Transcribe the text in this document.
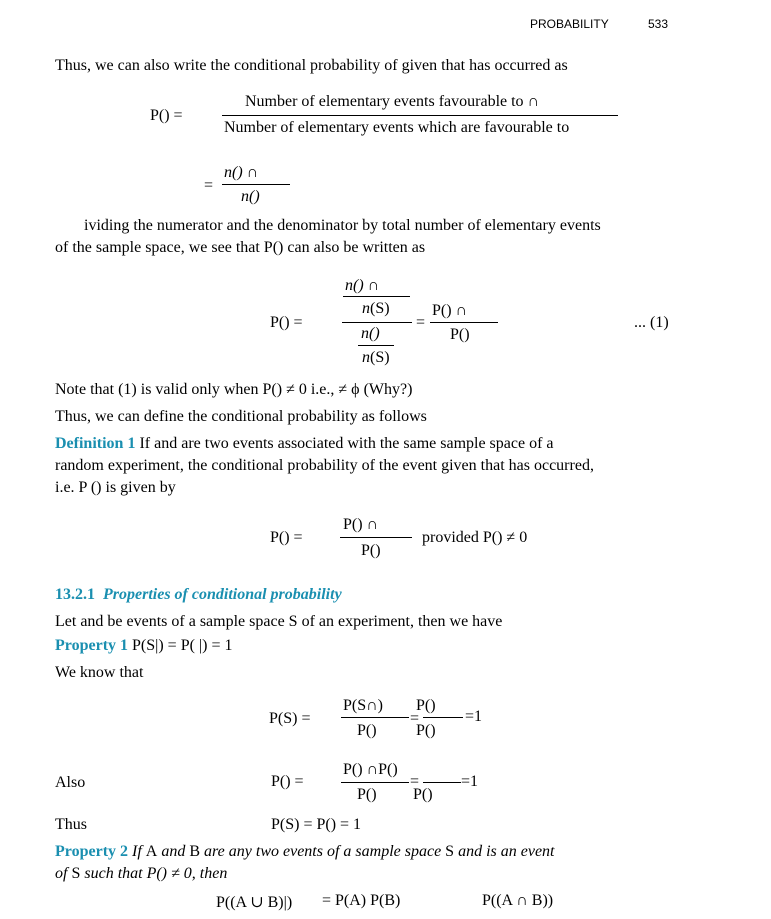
PROBABILITY	533
Thus, we can also write the conditional probability of given that has occurred as
P() =
Number of elementary events favourable to ∩
Number of elementary events which are favourable to
=
n() ∩
n()
ividing the numerator and the denominator by total number of elementary events
of the sample space, we see that P() can also be written as
P() =
n() ∩
n(S)
n()
n(S)
=
P() ∩
P()
... (1)
Note that (1) is valid only when P() ≠ 0 i.e., ≠ ϕ (Why?)
Thus, we can define the conditional probability as follows
Definition 1 If and are two events associated with the same sample space of a
random experiment, the conditional probability of the event given that has occurred,
i.e. P () is given by
P() =
P() ∩
P()
provided P() ≠ 0
13.2.1 Properties of conditional probability
Let and be events of a sample space S of an experiment, then we have
Property 1 P(S|) = P( |) = 1
We know that
P(S) =
P(S∩)
P()
=
P()
P()
=1
Also	P() =
P() ∩P()
P()
=
P()
=1
Thus	P(S) = P() = 1
Property 2 If A and B are any two events of a sample space S and is an event
of S such that P() ≠ 0, then
P((A ∪ B)|) = P(A) P(B)	P((A ∩ B))
